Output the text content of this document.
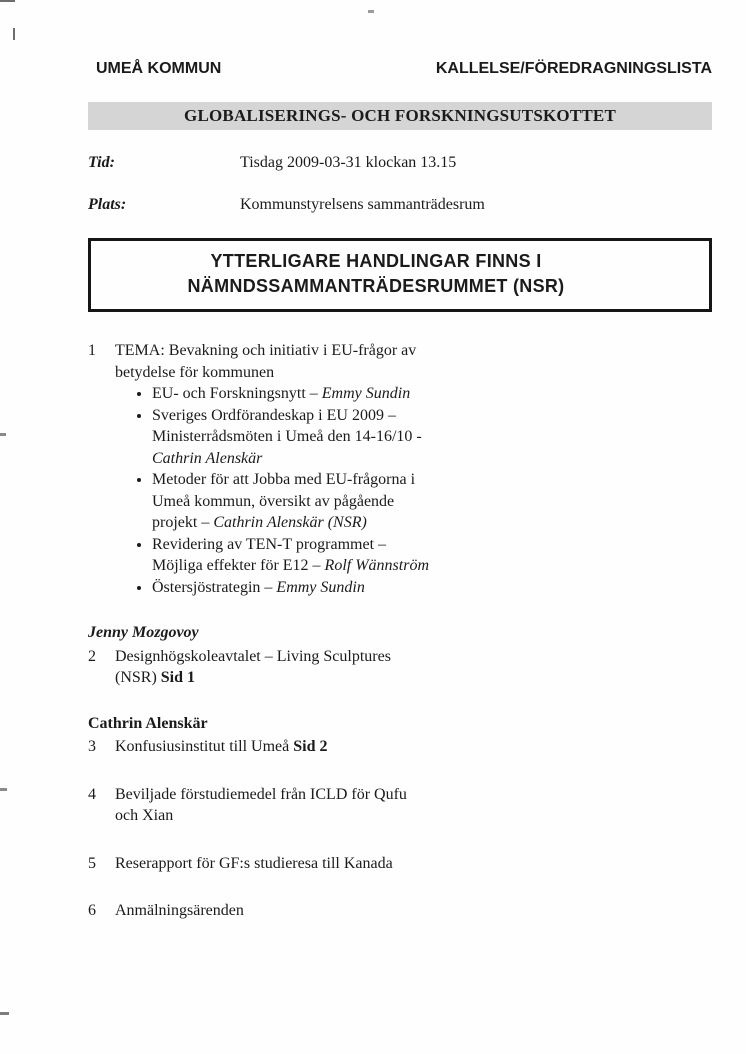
UMEÅ KOMMUN	KALLELSE/FÖREDRAGNINGSLISTA
GLOBALISERINGS- OCH FORSKNINGSUTSKOTTET
Tid:	Tisdag 2009-03-31 klockan 13.15
Plats:	Kommunstyrelsens sammanträdesrum
YTTERLIGARE HANDLINGAR FINNS I
NÄMNDSSAMMANTRÄDESRUMMET (NSR)
1	TEMA: Bevakning och initiativ i EU-frågor av betydelse för kommunen
• EU- och Forskningsnytt – Emmy Sundin
• Sveriges Ordförandeskap i EU 2009 – Ministerrådsmöten i Umeå den 14-16/10 - Cathrin Alenskär
• Metoder för att Jobba med EU-frågorna i Umeå kommun, översikt av pågående projekt – Cathrin Alenskär (NSR)
• Revidering av TEN-T programmet – Möjliga effekter för E12 – Rolf Wännström
• Östersjöstrategin – Emmy Sundin
Jenny Mozgovoy
2	Designhögskoleavtalet – Living Sculptures (NSR) Sid 1
Cathrin Alenskär
3	Konfusiusinstitut till Umeå Sid 2
4	Beviljade förstudiemedel från ICLD för Qufu och Xian
5	Reserapport för GF:s studieresa till Kanada
6	Anmälningsärenden
